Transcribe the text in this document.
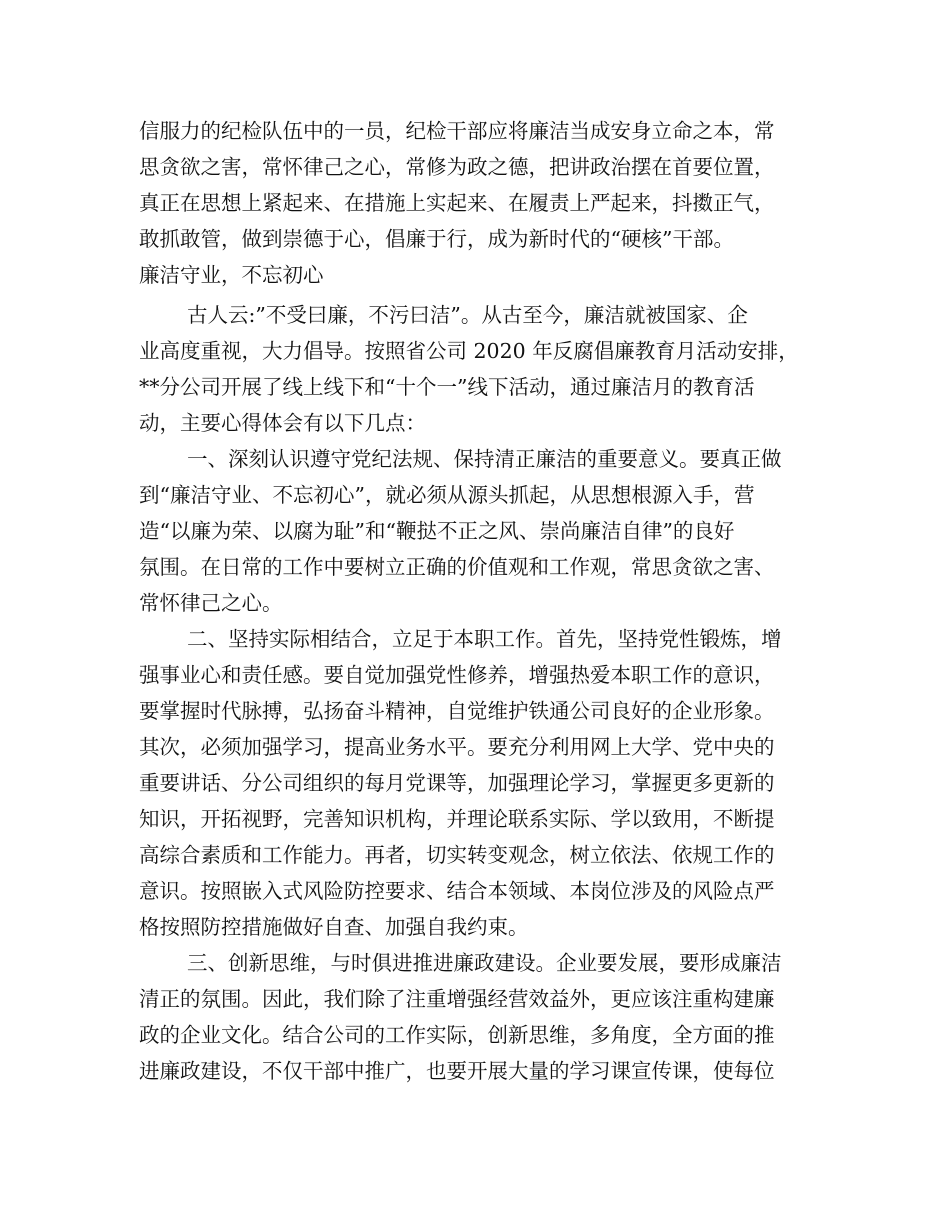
信服力的纪检队伍中的一员，纪检干部应将廉洁当成安身立命之本，常
思贪欲之害，常怀律己之心，常修为政之德，把讲政治摆在首要位置，
真正在思想上紧起来、在措施上实起来、在履责上严起来，抖擞正气，
敢抓敢管，做到崇德于心，倡廉于行，成为新时代的“硬核”干部。
廉洁守业，不忘初心
古人云:”不受曰廉，不污曰洁”。从古至今，廉洁就被国家、企
业高度重视，大力倡导。按照省公司 2020 年反腐倡廉教育月活动安排，
**分公司开展了线上线下和“十个一”线下活动，通过廉洁月的教育活
动，主要心得体会有以下几点：
一、深刻认识遵守党纪法规、保持清正廉洁的重要意义。要真正做
到“廉洁守业、不忘初心”，就必须从源头抓起，从思想根源入手，营
造“以廉为荣、以腐为耻”和“鞭挞不正之风、崇尚廉洁自律”的良好
氛围。在日常的工作中要树立正确的价值观和工作观，常思贪欲之害、
常怀律己之心。
二、坚持实际相结合，立足于本职工作。首先，坚持党性锻炼，增
强事业心和责任感。要自觉加强党性修养，增强热爱本职工作的意识，
要掌握时代脉搏，弘扬奋斗精神，自觉维护铁通公司良好的企业形象。
其次，必须加强学习，提高业务水平。要充分利用网上大学、党中央的
重要讲话、分公司组织的每月党课等，加强理论学习，掌握更多更新的
知识，开拓视野，完善知识机构，并理论联系实际、学以致用，不断提
高综合素质和工作能力。再者，切实转变观念，树立依法、依规工作的
意识。按照嵌入式风险防控要求、结合本领域、本岗位涉及的风险点严
格按照防控措施做好自查、加强自我约束。
三、创新思维，与时俱进推进廉政建设。企业要发展，要形成廉洁
清正的氛围。因此，我们除了注重增强经营效益外，更应该注重构建廉
政的企业文化。结合公司的工作实际，创新思维，多角度，全方面的推
进廉政建设，不仅干部中推广，也要开展大量的学习课宣传课，使每位
